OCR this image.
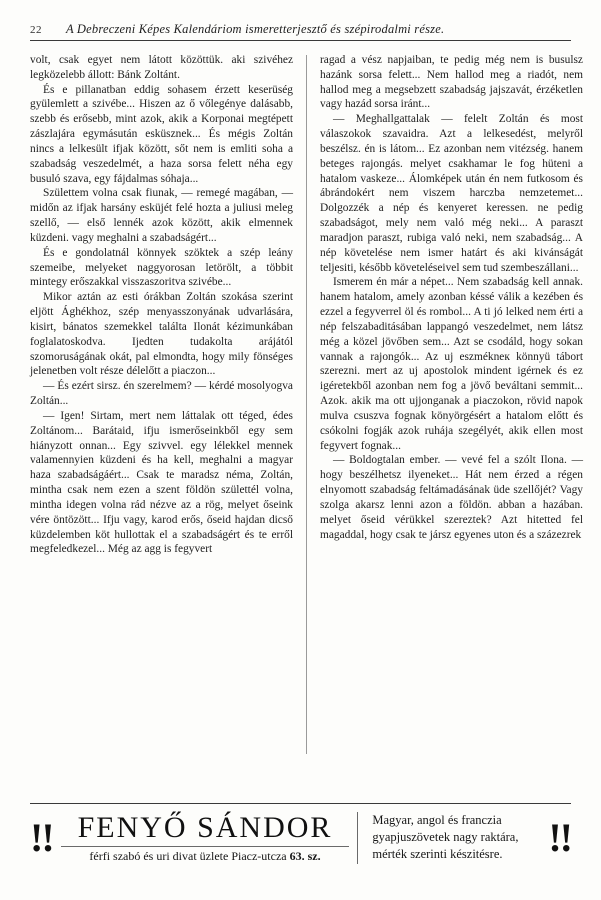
22	A Debreczeni Képes Kalendáriom ismeretterjesztő és szépirodalmi része.

volt, csak egyet nem látott közöttük. aki szivéhez legközelebb állott: Bánk Zoltánt.

És e pillanatban eddig sohasem érzett keserüség gyülemlett a szivébe... Hiszen az ő vőlegénye dalásabb, szebb és erősebb, mint azok, akik a Korponai megtépett zászlajára egymásután esküsznek... És mégis Zoltán nincs a lelkesült ifjak között, sőt nem is emliti soha a szabadság veszedelmét, a haza sorsa felett néha egy busuló szava, egy fájdalmas sóhaja...

Születtem volna csak fiunak, — remegé magában, — midőn az ifjak harsány esküjét felé hozta a juliusi meleg szellő, — első lennék azok között, akik elmennek küzdeni. vagy meghalni a szabadságért...

És e gondolatnál könnyek szöktek a szép leány szemeibe, melyeket naggyorosan letörölt, a többit mintegy erőszakkal visszaszoritva szivébe...

Mikor aztán az esti órákban Zoltán szokása szerint eljött Ághékhoz, szép menyasszonyának udvarlására, kisirt, bánatos szemekkel találta Ilonát kézimunkában foglalatoskodva. Ijedten tudakolta arájától szomoruságának okát, pal elmondta, hogy mily fönséges jelenetben volt része délelőtt a piaczon...

— És ezért sirsz. én szerelmem? — kérdé mosolyogva Zoltán...

— Igen! Sirtam, mert nem láttalak ott téged, édes Zoltánom... Barátaid, ifju ismerőseinkből egy sem hiányzott onnan... Egy szivvel. egy lélekkel mennek valamennyien küzdeni és ha kell, meghalni a magyar haza szabadságáért... Csak te maradsz néma, Zoltán, mintha csak nem ezen a szent földön születtél volna, mintha idegen volna rád nézve az a rög, melyet őseink vére öntözött... Ifju vagy, karod erős, őseid hajdan dicső küzdelemben köt hullottak el a szabadságért és te erről megfeledkezel... Még az agg is fegyvert

ragad a vész napjaiban, te pedig még nem is busulsz hazánk sorsa felett... Nem hallod meg a riadót, nem hallod meg a megsebzett szabadság jajszavát, érzéketlen vagy hazád sorsa iránt...

— Meghallgattalak — felelt Zoltán és most válaszokok szavaidra. Azt a lelkesedést, melyről beszélsz. én is látom... Ez azonban nem vitézség. hanem beteges rajongás. melyet csakhamar le fog hüteni a hatalom vaskeze... Álomképek után én nem futkosom és ábrándokért nem viszem harczba nemzetemet... Dolgozzék a nép és kenyeret keressen. ne pedig szabadságot, mely nem való még neki... A paraszt maradjon paraszt, rubiga való neki, nem szabadság... A nép követelése nem ismer határt és aki kivánságát teljesiti, később követeléseivel sem tud szembeszállani...

Ismerem én már a népet... Nem szabadság kell annak. hanem hatalom, amely azonban késsé válik a kezében és ezzel a fegyverrel öl és rombol... A ti jó lelked nem érti a nép felszabaditásában lappangó veszedelmet, nem látsz még a közel jövőben sem... Azt se csodáld, hogy sokan vannak a rajongók... Az uj eszmékneк könnyü tábort szerezni. mert az uj apostolok mindent igérnek és ez igéretekből azonban nem fog a jövő beváltani semmit... Azok. akik ma ott ujjonganak a piaczokon, rövid napok mulva csuszva fognak könyörgésért a hatalom előtt és csókolni fogják azok ruhája szegélyét, akik ellen most fegyvert fognak...

— Boldogtalan ember. — vevé fel a szólt Ilona. — hogy beszélhetsz ilyeneket... Hát nem érzed a régen elnyomott szabadság feltámadásának üde szellőjét? Vagy szolga akarsz lenni azon a földön. abban a hazában. melyet őseid vérükkel szereztek? Azt hitetted fel magaddal, hogy csak te jársz egyenes uton és a százezrek

!! FENYŐ SÁNDOR
férfi szabó és uri divat üzlete Piacz-utcza 63. sz.
Magyar, angol és franczia
gyapjuszövetek nagy raktára,
mérték szerinti készitésre.	!!
